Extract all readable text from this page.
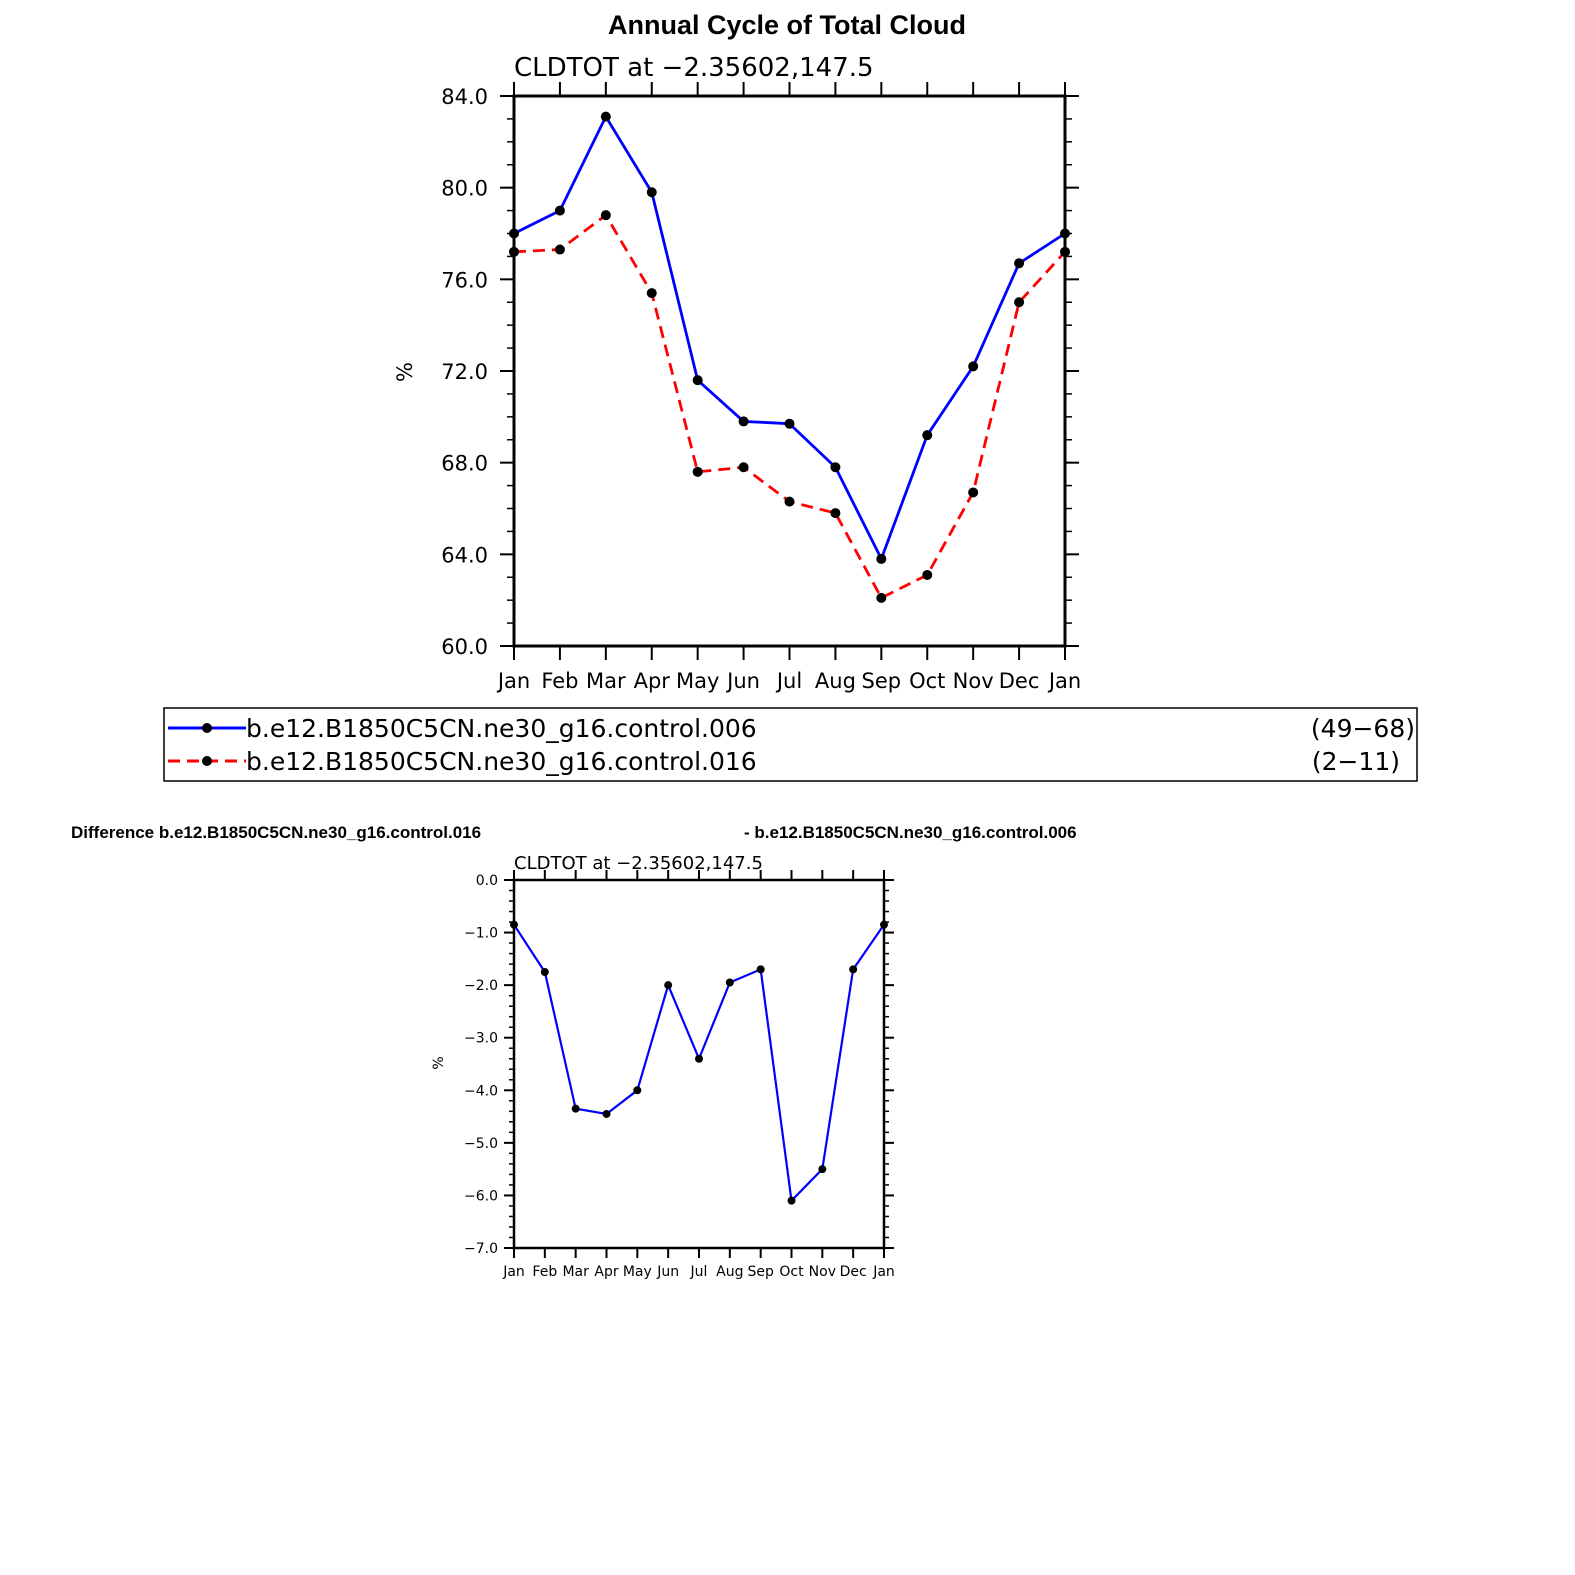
Annual Cycle of Total Cloud
CLDTOT at −2.35602,147.5
%
Jan Feb Mar Apr May Jun Jul Aug Sep Oct Nov Dec Jan
60.0
64.0
68.0
72.0
76.0
80.0
84.0
b.e12.B1850C5CN.ne30_g16.control.006	(49−68)
b.e12.B1850C5CN.ne30_g16.control.016	(2−11)
Difference b.e12.B1850C5CN.ne30_g16.control.016	- b.e12.B1850C5CN.ne30_g16.control.006
CLDTOT at −2.35602,147.5
%
Jan Feb Mar Apr May Jun Jul Aug Sep Oct Nov Dec Jan
−7.0
−6.0
−5.0
−4.0
−3.0
−2.0
−1.0
0.0
